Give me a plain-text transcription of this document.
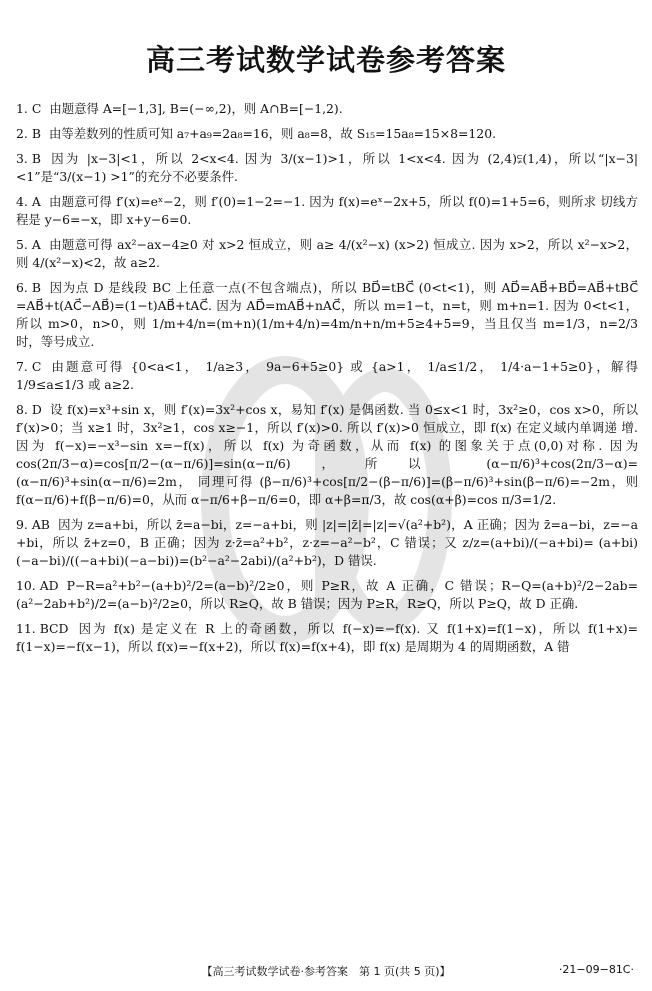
高三考试数学试卷参考答案

1. C 由题意得 A=[−1,3], B=(−∞,2)，则 A∩B=[−1,2).

2. B 由等差数列的性质可知 a₇+a₉=2a₈=16，则 a₈=8，故 S₁₅=15a₈=15×8=120.

3. B 因为 |x−3|<1，所以 2<x<4. 因为 3/(x−1)>1，所以 1<x<4. 因为 (2,4)⫋(1,4)，所以“|x−3|<1”是“3/(x−1) >1”的充分不必要条件.

4. A 由题意可得 f′(x)=eˣ−2，则 f′(0)=1−2=−1. 因为 f(x)=eˣ−2x+5，所以 f(0)=1+5=6，则所求 切线方程是 y−6=−x，即 x+y−6=0.

5. A 由题意可得 ax²−ax−4≥0 对 x>2 恒成立，则 a≥ 4/(x²−x) (x>2) 恒成立. 因为 x>2，所以 x²−x>2，则 4/(x²−x)<2，故 a≥2.

6. B 因为点 D 是线段 BC 上任意一点(不包含端点)，所以 BD⃗=tBC⃗ (0<t<1)，则 AD⃗=AB⃗+BD⃗=AB⃗+tBC⃗ =AB⃗+t(AC⃗−AB⃗)=(1−t)AB⃗+tAC⃗. 因为 AD⃗=mAB⃗+nAC⃗，所以 m=1−t，n=t，则 m+n=1. 因为 0<t<1，所以 m>0，n>0，则 1/m+4/n=(m+n)(1/m+4/n)=4m/n+n/m+5≥4+5=9，当且仅当 m=1/3，n=2/3 时，等号成立.

7. C 由题意可得 {0<a<1， 1/a≥3， 9a−6+5≥0} 或 {a>1， 1/a≤1/2， 1/4·a−1+5≥0}，解得 1/9≤a≤1/3 或 a≥2.

8. D 设 f(x)=x³+sin x，则 f′(x)=3x²+cos x，易知 f′(x) 是偶函数. 当 0≤x<1 时，3x²≥0，cos x>0，所以 f′(x)>0；当 x≥1 时，3x²≥1，cos x≥−1，所以 f′(x)>0. 所以 f′(x)>0 恒成立，即 f(x) 在定义域内单调递 增. 因为 f(−x)=−x³−sin x=−f(x)，所以 f(x) 为奇函数，从而 f(x) 的图象关于点(0,0)对称. 因为 cos(2π/3−α)=cos[π/2−(α−π/6)]=sin(α−π/6)，所以 (α−π/6)³+cos(2π/3−α)=(α−π/6)³+sin(α−π/6)=2m， 同理可得 (β−π/6)³+cos[π/2−(β−π/6)]=(β−π/6)³+sin(β−π/6)=−2m，则 f(α−π/6)+f(β−π/6)=0，从而 α−π/6+β−π/6=0，即 α+β=π/3，故 cos(α+β)=cos π/3=1/2.

9. AB 因为 z=a+bi，所以 z̄=a−bi，z=−a+bi，则 |z|=|z̄|=|z|=√(a²+b²)，A 正确；因为 z̄=a−bi，z=−a +bi，所以 z̄+z=0，B 正确；因为 z·z̄=a²+b²，z·z=−a²−b²，C 错误；又 z/z=(a+bi)/(−a+bi)= (a+bi)(−a−bi)/((−a+bi)(−a−bi))=(b²−a²−2abi)/(a²+b²)，D 错误.

10. AD P−R=a²+b²−(a+b)²/2=(a−b)²/2≥0，则 P≥R，故 A 正确，C 错误；R−Q=(a+b)²/2−2ab= (a²−2ab+b²)/2=(a−b)²/2≥0，所以 R≥Q，故 B 错误；因为 P≥R，R≥Q，所以 P≥Q，故 D 正确.

11. BCD 因为 f(x) 是定义在 R 上的奇函数，所以 f(−x)=−f(x). 又 f(1+x)=f(1−x)，所以 f(1+x)= f(1−x)=−f(x−1)，所以 f(x)=−f(x+2)，所以 f(x)=f(x+4)，即 f(x) 是周期为 4 的周期函数，A 错

【高三考试数学试卷·参考答案　第 1 页(共 5 页)】	·21−09−81C·
